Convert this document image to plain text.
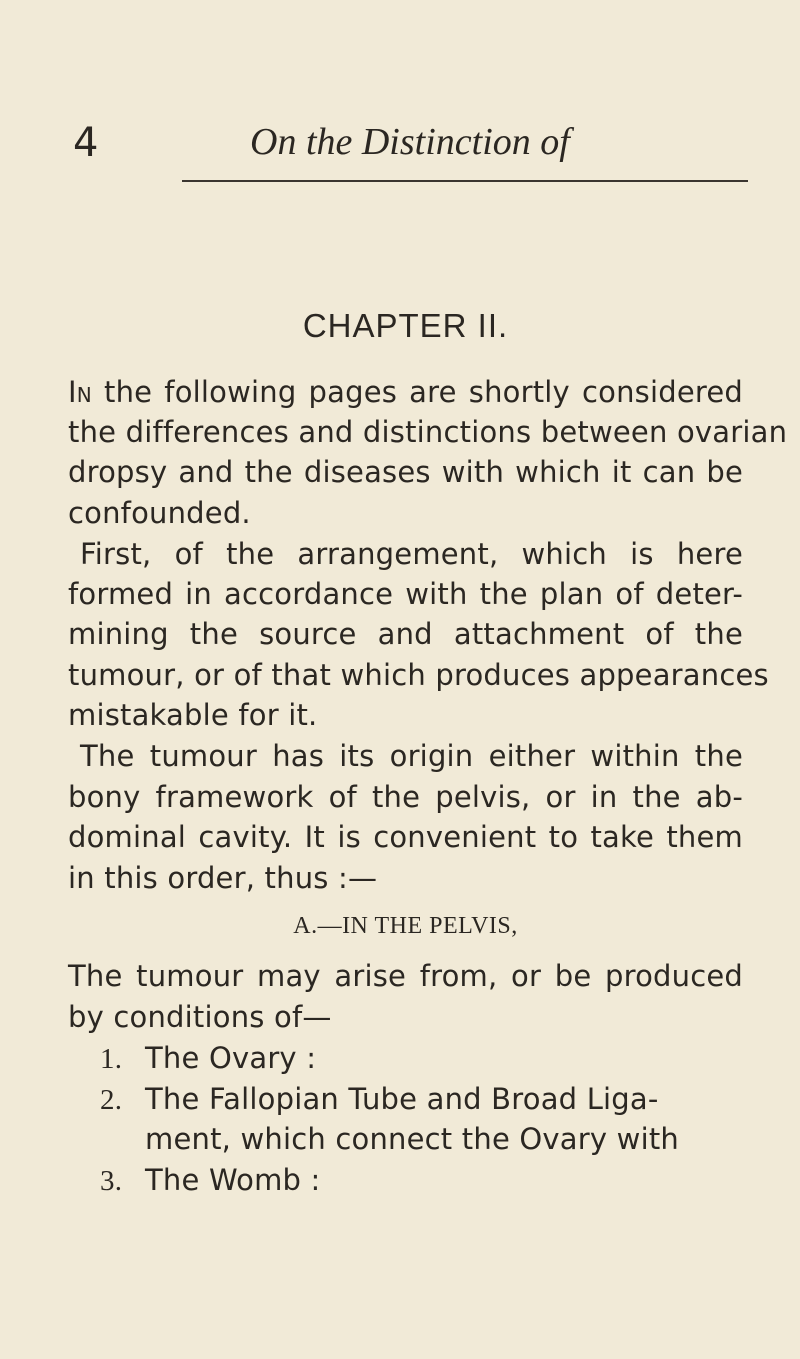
4	On the Distinction of
CHAPTER II.
In the following pages are shortly considered
the differences and distinctions between ovarian
dropsy and the diseases with which it can be
confounded.
First, of the arrangement, which is here
formed in accordance with the plan of deter-
mining the source and attachment of the
tumour, or of that which produces appearances
mistakable for it.
The tumour has its origin either within the
bony framework of the pelvis, or in the ab-
dominal cavity. It is convenient to take them
in this order, thus :—
A.—IN THE PELVIS,
The tumour may arise from, or be produced
by conditions of—
1. The Ovary :
2. The Fallopian Tube and Broad Liga-
ment, which connect the Ovary with
3. The Womb :
